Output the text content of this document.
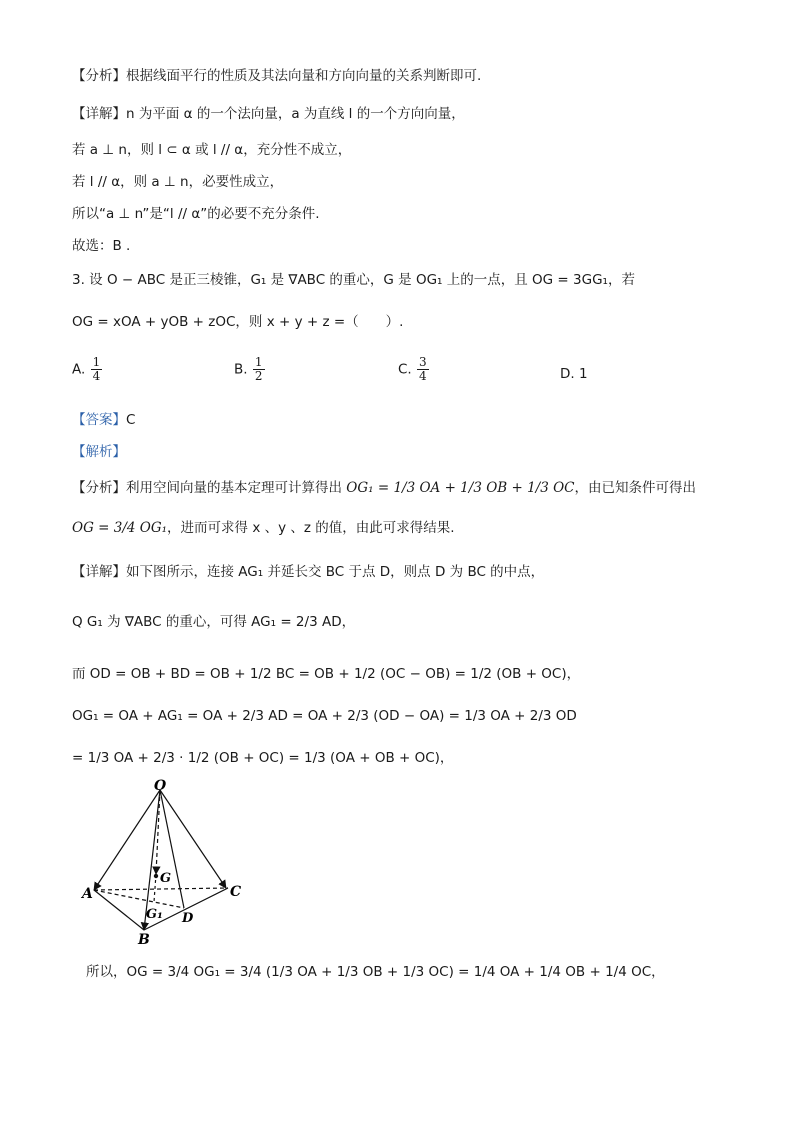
【分析】根据线面平行的性质及其法向量和方向向量的关系判断即可.
【详解】n 为平面 α 的一个法向量，a 为直线 l 的一个方向向量，
若 a ⊥ n，则 l ⊂ α 或 l // α，充分性不成立，
若 l // α，则 a ⊥ n，必要性成立，
所以“a ⊥ n”是“l // α”的必要不充分条件.
故选：B .
3. 设 O − ABC 是正三棱锥，G₁ 是 ∇ABC 的重心，G 是 OG₁ 上的一点，且 OG = 3GG₁，若
OG = xOA + yOB + zOC，则 x + y + z =（　　）.
A. $\frac{1}{4}$	B. $\frac{1}{2}$	C. $\frac{3}{4}$	D. 1
【答案】C
【解析】
【分析】利用空间向量的基本定理可计算得出 OG₁ = 1/3 OA + 1/3 OB + 1/3 OC，由已知条件可得出
OG = 3/4 OG₁，进而可求得 x 、y 、z 的值，由此可求得结果.
【详解】如下图所示，连接 AG₁ 并延长交 BC 于点 D，则点 D 为 BC 的中点，
Q G₁ 为 ∇ABC 的重心，可得 AG₁ = 2/3 AD，
而 OD = OB + BD = OB + 1/2 BC = OB + 1/2 (OC − OB) = 1/2 (OB + OC)，
OG₁ = OA + AG₁ = OA + 2/3 AD = OA + 2/3 (OD − OA) = 1/3 OA + 2/3 OD
= 1/3 OA + 2/3 · 1/2 (OB + OC) = 1/3 (OA + OB + OC)，
O
A
B
C
D
G
G₁
所以，OG = 3/4 OG₁ = 3/4 (1/3 OA + 1/3 OB + 1/3 OC) = 1/4 OA + 1/4 OB + 1/4 OC，
